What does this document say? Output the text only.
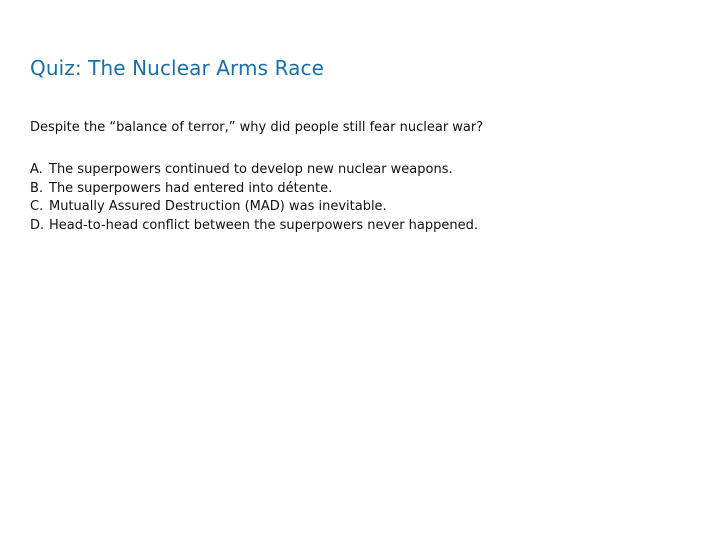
Quiz: The Nuclear Arms Race

Despite the “balance of terror,” why did people still fear nuclear war?

A. The superpowers continued to develop new nuclear weapons.
B. The superpowers had entered into détente.
C. Mutually Assured Destruction (MAD) was inevitable.
D. Head-to-head conflict between the superpowers never happened.
